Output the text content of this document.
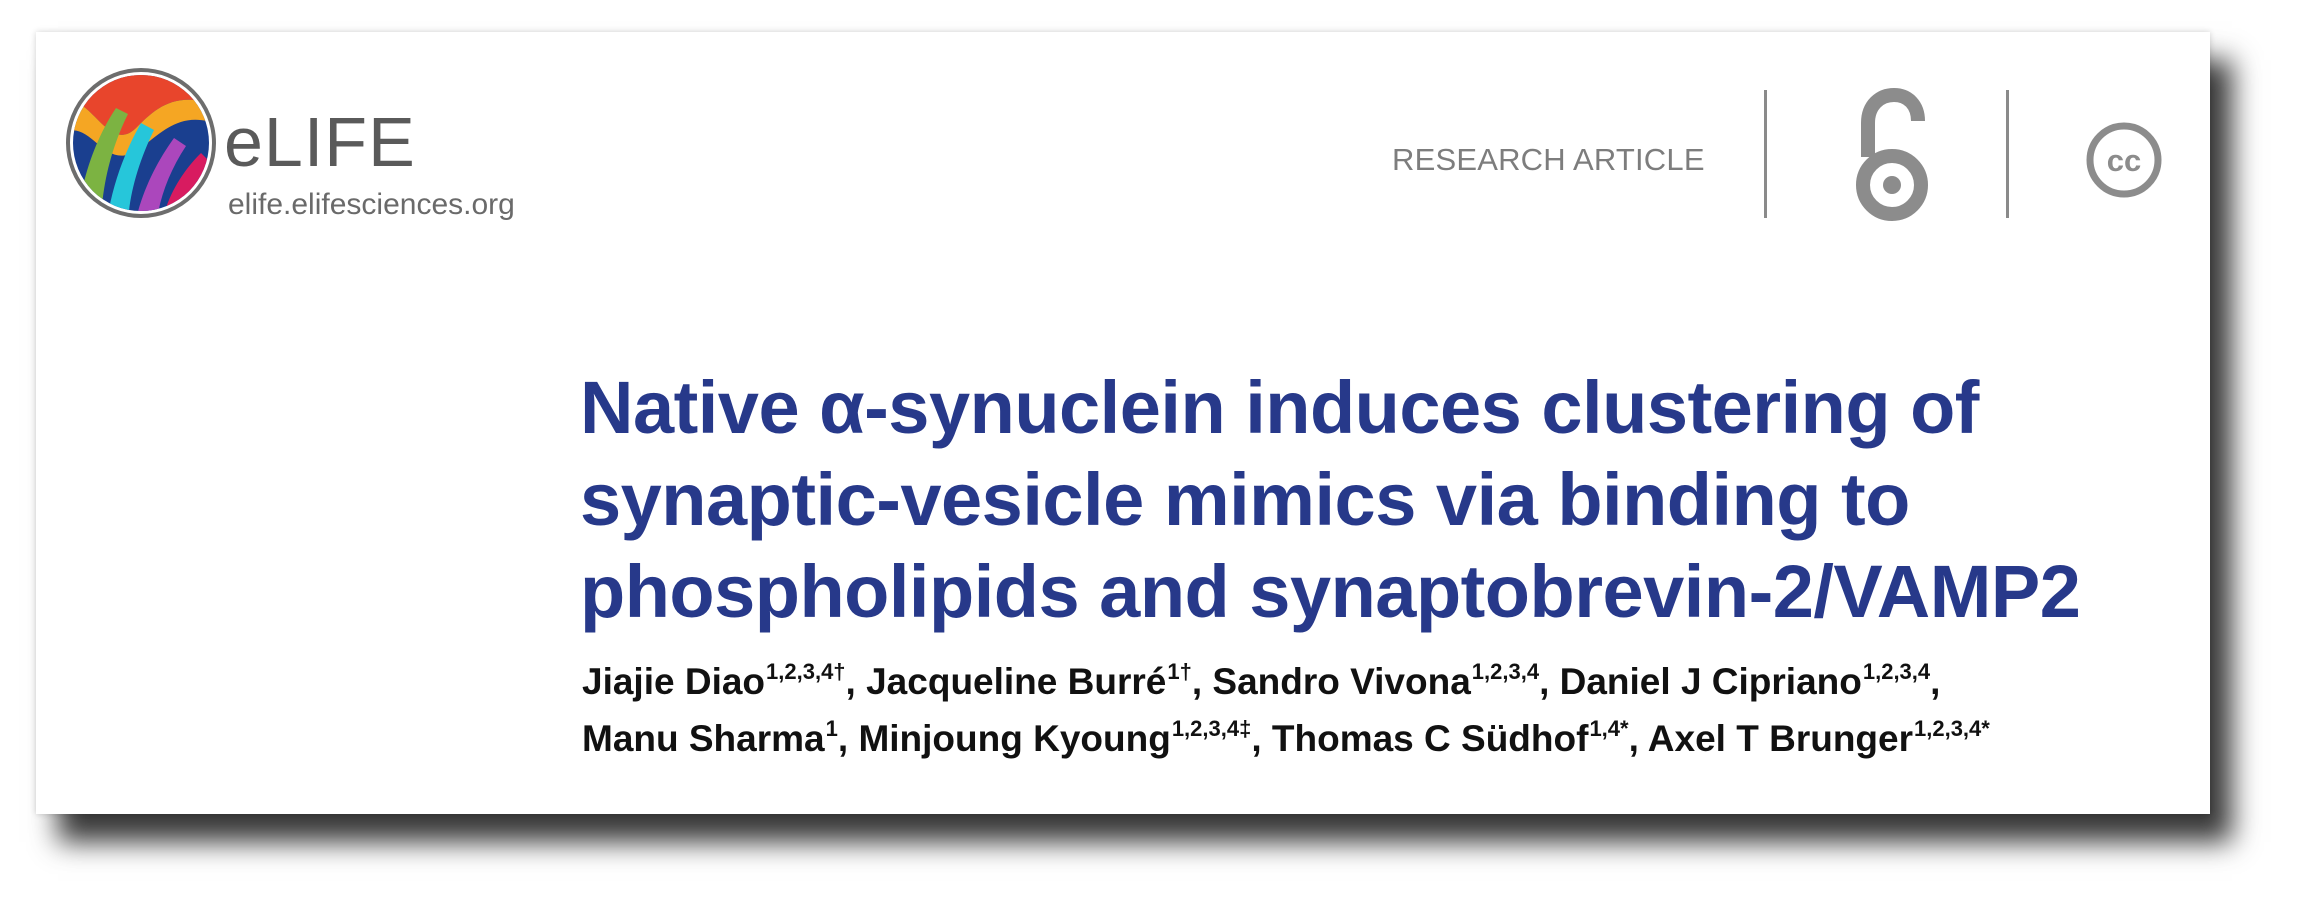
eLIFE
elife.elifesciences.org
RESEARCH ARTICLE	cc
Native α-synuclein induces clustering of
synaptic-vesicle mimics via binding to
phospholipids and synaptobrevin-2/VAMP2
Jiajie Diao$^{1,2,3,4\dagger}$, Jacqueline Burré$^{1\dagger}$, Sandro Vivona$^{1,2,3,4}$, Daniel J Cipriano$^{1,2,3,4}$,
Manu Sharma$^1$, Minjoung Kyoung$^{1,2,3,4\ddagger}$, Thomas C Südhof$^{1,4*}$, Axel T Brunger$^{1,2,3,4*}$
